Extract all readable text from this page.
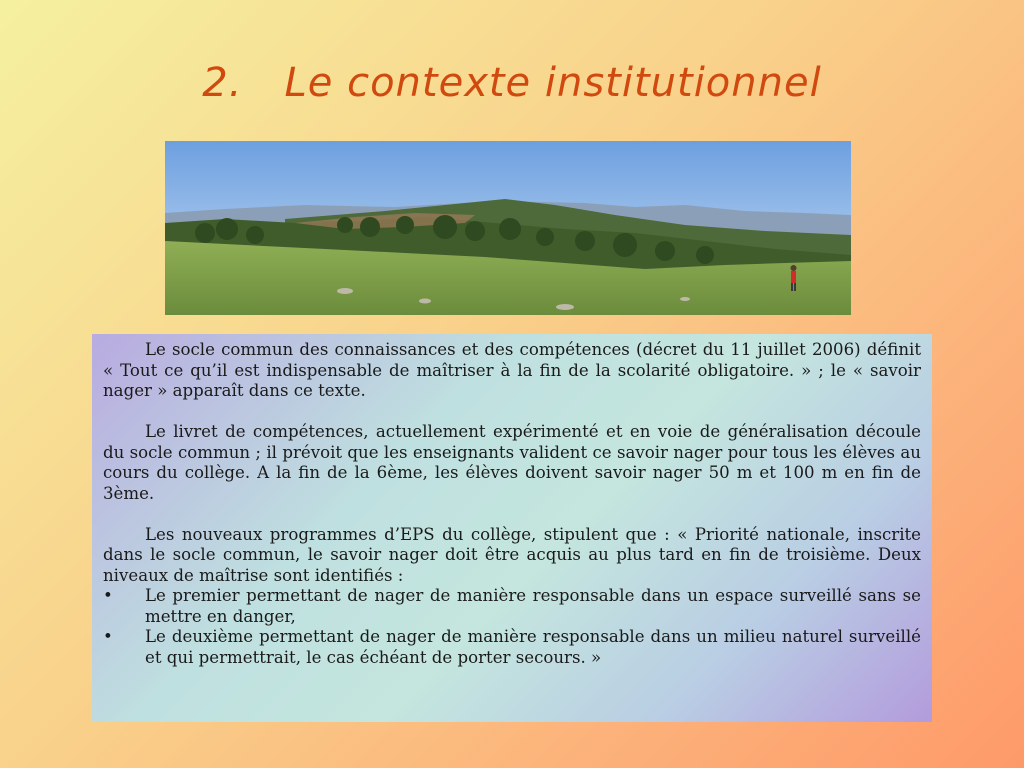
2. Le contexte institutionnel

Le socle commun des connaissances et des compétences (décret du 11 juillet 2006) définit « Tout ce qu’il est indispensable de maîtriser à la fin de la scolarité obligatoire. » ; le « savoir nager » apparaît dans ce texte.

Le livret de compétences, actuellement expérimenté et en voie de généralisation découle du socle commun ; il prévoit que les enseignants valident ce savoir nager pour tous les élèves au cours du collège. A la fin de la 6ème, les élèves doivent savoir nager 50 m et 100 m en fin de 3ème.

Les nouveaux programmes d’EPS du collège, stipulent que : « Priorité nationale, inscrite dans le socle commun, le savoir nager doit être acquis au plus tard en fin de troisième. Deux niveaux de maîtrise sont identifiés :

•	Le premier permettant de nager de manière responsable dans un espace surveillé sans se mettre en danger,
•	Le deuxième permettant de nager de manière responsable dans un milieu naturel surveillé et qui permettrait, le cas échéant de porter secours. »
